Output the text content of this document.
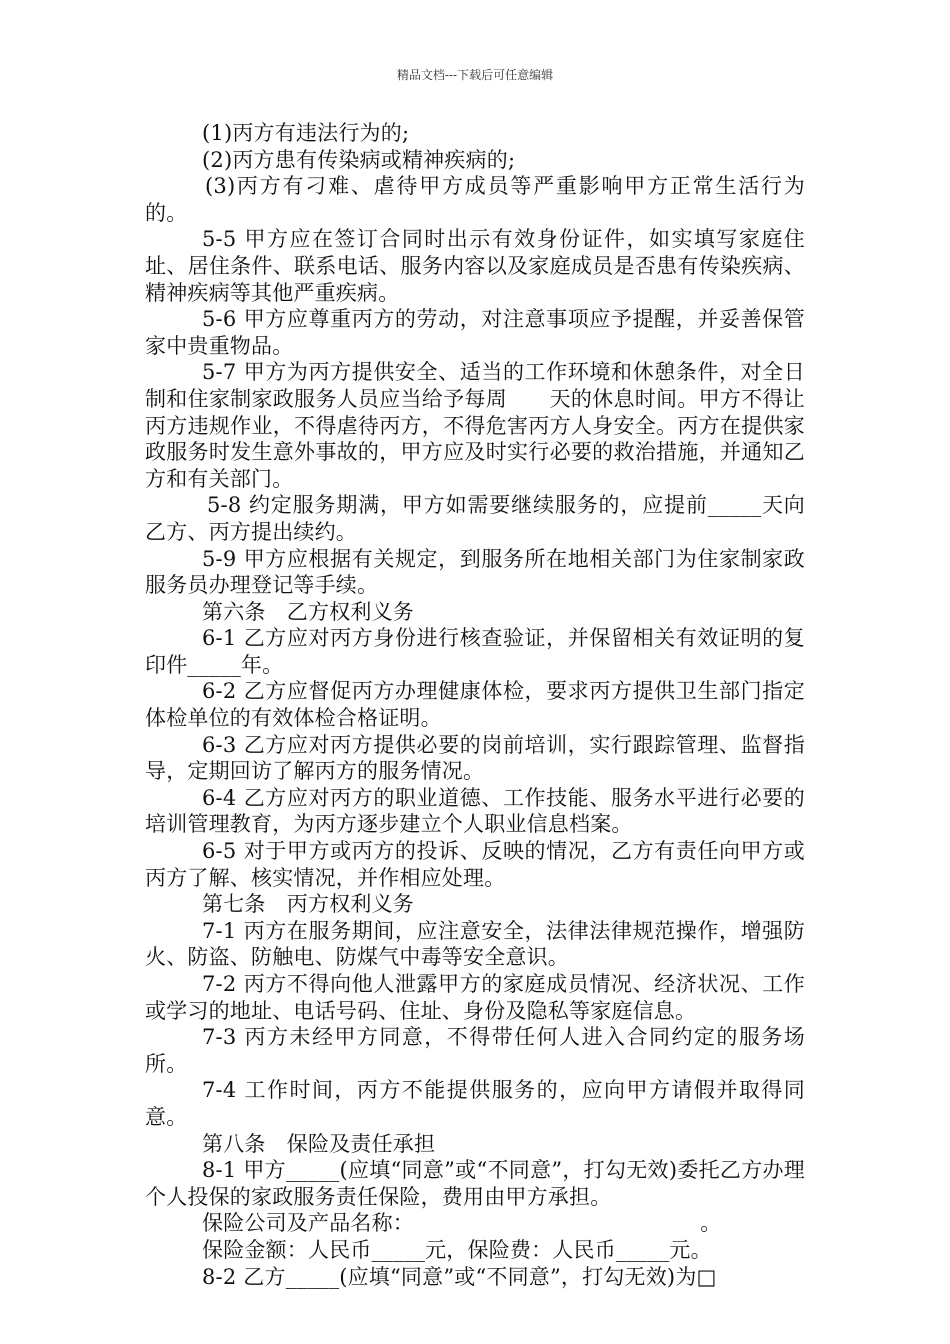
精品文档---下载后可任意编辑

(1)丙方有违法行为的;

(2)丙方患有传染病或精神疾病的;

(3)丙方有刁难、虐待甲方成员等严重影响甲方正常生活行为的。

5-5 甲方应在签订合同时出示有效身份证件，如实填写家庭住址、居住条件、联系电话、服务内容以及家庭成员是否患有传染疾病、精神疾病等其他严重疾病。

5-6 甲方应尊重丙方的劳动，对注意事项应予提醒，并妥善保管家中贵重物品。

5-7 甲方为丙方提供安全、适当的工作环境和休憩条件，对全日制和住家制家政服务人员应当给予每周　　天的休息时间。甲方不得让丙方违规作业，不得虐待丙方，不得危害丙方人身安全。丙方在提供家政服务时发生意外事故的，甲方应及时实行必要的救治措施，并通知乙方和有关部门。

5-8 约定服务期满，甲方如需要继续服务的，应提前_____天向乙方、丙方提出续约。

5-9 甲方应根据有关规定，到服务所在地相关部门为住家制家政服务员办理登记等手续。

第六条　乙方权利义务

6-1 乙方应对丙方身份进行核查验证，并保留相关有效证明的复印件_____年。

6-2 乙方应督促丙方办理健康体检，要求丙方提供卫生部门指定体检单位的有效体检合格证明。

6-3 乙方应对丙方提供必要的岗前培训，实行跟踪管理、监督指导，定期回访了解丙方的服务情况。

6-4 乙方应对丙方的职业道德、工作技能、服务水平进行必要的培训管理教育，为丙方逐步建立个人职业信息档案。

6-5 对于甲方或丙方的投诉、反映的情况，乙方有责任向甲方或丙方了解、核实情况，并作相应处理。

第七条　丙方权利义务

7-1 丙方在服务期间，应注意安全，法律法律规范操作，增强防火、防盗、防触电、防煤气中毒等安全意识。

7-2 丙方不得向他人泄露甲方的家庭成员情况、经济状况、工作或学习的地址、电话号码、住址、身份及隐私等家庭信息。

7-3 丙方未经甲方同意，不得带任何人进入合同约定的服务场所。

7-4 工作时间，丙方不能提供服务的，应向甲方请假并取得同意。

第八条　保险及责任承担

8-1 甲方_____(应填“同意”或“不同意”，打勾无效)委托乙方办理个人投保的家政服务责任保险，费用由甲方承担。

保险公司及产品名称：　　　　　　　　　　　　　　。

保险金额：人民币_____元，保险费：人民币_____元。

8-2 乙方_____(应填“同意”或“不同意”，打勾无效)为□
